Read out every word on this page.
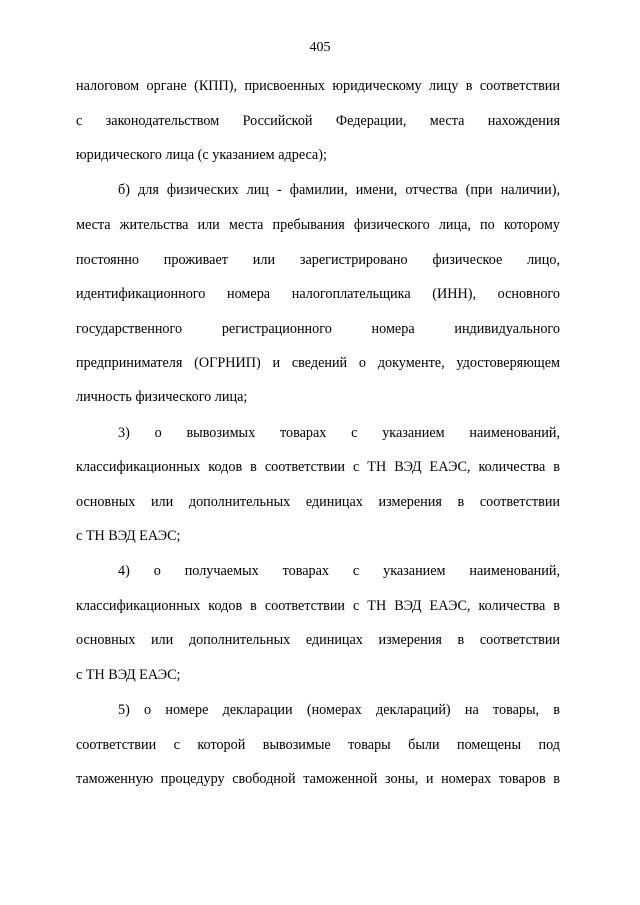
405
налоговом органе (КПП), присвоенных юридическому лицу в соответствии
с законодательством Российской Федерации, места нахождения
юридического лица (с указанием адреса);
б) для физических лиц - фамилии, имени, отчества (при наличии),
места жительства или места пребывания физического лица, по которому
постоянно проживает или зарегистрировано физическое лицо,
идентификационного номера налогоплательщика (ИНН), основного
государственного регистрационного номера индивидуального
предпринимателя (ОГРНИП) и сведений о документе, удостоверяющем
личность физического лица;
3) о вывозимых товарах с указанием наименований,
классификационных кодов в соответствии с ТН ВЭД ЕАЭС, количества в
основных или дополнительных единицах измерения в соответствии
с ТН ВЭД ЕАЭС;
4) о получаемых товарах с указанием наименований,
классификационных кодов в соответствии с ТН ВЭД ЕАЭС, количества в
основных или дополнительных единицах измерения в соответствии
с ТН ВЭД ЕАЭС;
5) о номере декларации (номерах деклараций) на товары, в
соответствии с которой вывозимые товары были помещены под
таможенную процедуру свободной таможенной зоны, и номерах товаров в
